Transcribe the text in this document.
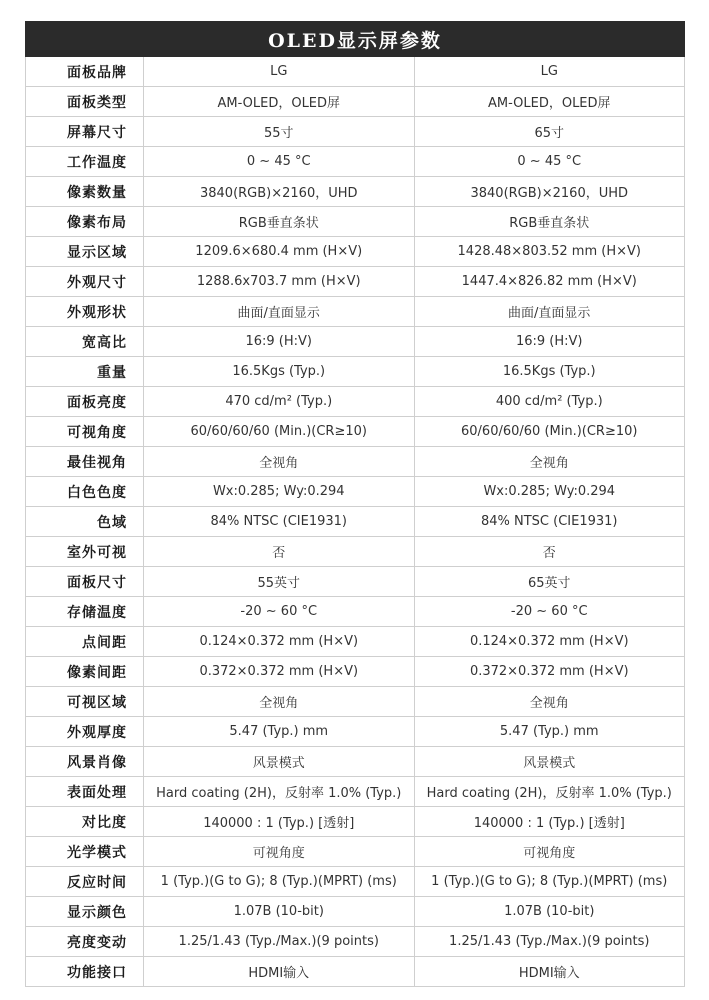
OLED显示屏参数
面板品牌	LG	LG
面板类型	AM-OLED，OLED屏	AM-OLED，OLED屏
屏幕尺寸	55寸	65寸
工作温度	0 ~ 45 °C	0 ~ 45 °C
像素数量	3840(RGB)×2160，UHD	3840(RGB)×2160，UHD
像素布局	RGB垂直条状	RGB垂直条状
显示区域	1209.6×680.4 mm (H×V)	1428.48×803.52 mm (H×V)
外观尺寸	1288.6x703.7 mm (H×V)	1447.4×826.82 mm (H×V)
外观形状	曲面/直面显示	曲面/直面显示
宽高比	16:9 (H:V)	16:9 (H:V)
重量	16.5Kgs (Typ.)	16.5Kgs (Typ.)
面板亮度	470 cd/m² (Typ.)	400 cd/m² (Typ.)
可视角度	60/60/60/60 (Min.)(CR≥10)	60/60/60/60 (Min.)(CR≥10)
最佳视角	全视角	全视角
白色色度	Wx:0.285; Wy:0.294	Wx:0.285; Wy:0.294
色域	84% NTSC (CIE1931)	84% NTSC (CIE1931)
室外可视	否	否
面板尺寸	55英寸	65英寸
存储温度	-20 ~ 60 °C	-20 ~ 60 °C
点间距	0.124×0.372 mm (H×V)	0.124×0.372 mm (H×V)
像素间距	0.372×0.372 mm (H×V)	0.372×0.372 mm (H×V)
可视区域	全视角	全视角
外观厚度	5.47 (Typ.) mm	5.47 (Typ.) mm
风景肖像	风景模式	风景模式
表面处理	Hard coating (2H)，反射率 1.0% (Typ.)	Hard coating (2H)，反射率 1.0% (Typ.)
对比度	140000 : 1 (Typ.) [透射]	140000 : 1 (Typ.) [透射]
光学模式	可视角度	可视角度
反应时间	1 (Typ.)(G to G); 8 (Typ.)(MPRT) (ms)	1 (Typ.)(G to G); 8 (Typ.)(MPRT) (ms)
显示颜色	1.07B (10-bit)	1.07B (10-bit)
亮度变动	1.25/1.43 (Typ./Max.)(9 points)	1.25/1.43 (Typ./Max.)(9 points)
功能接口	HDMI输入	HDMI输入
